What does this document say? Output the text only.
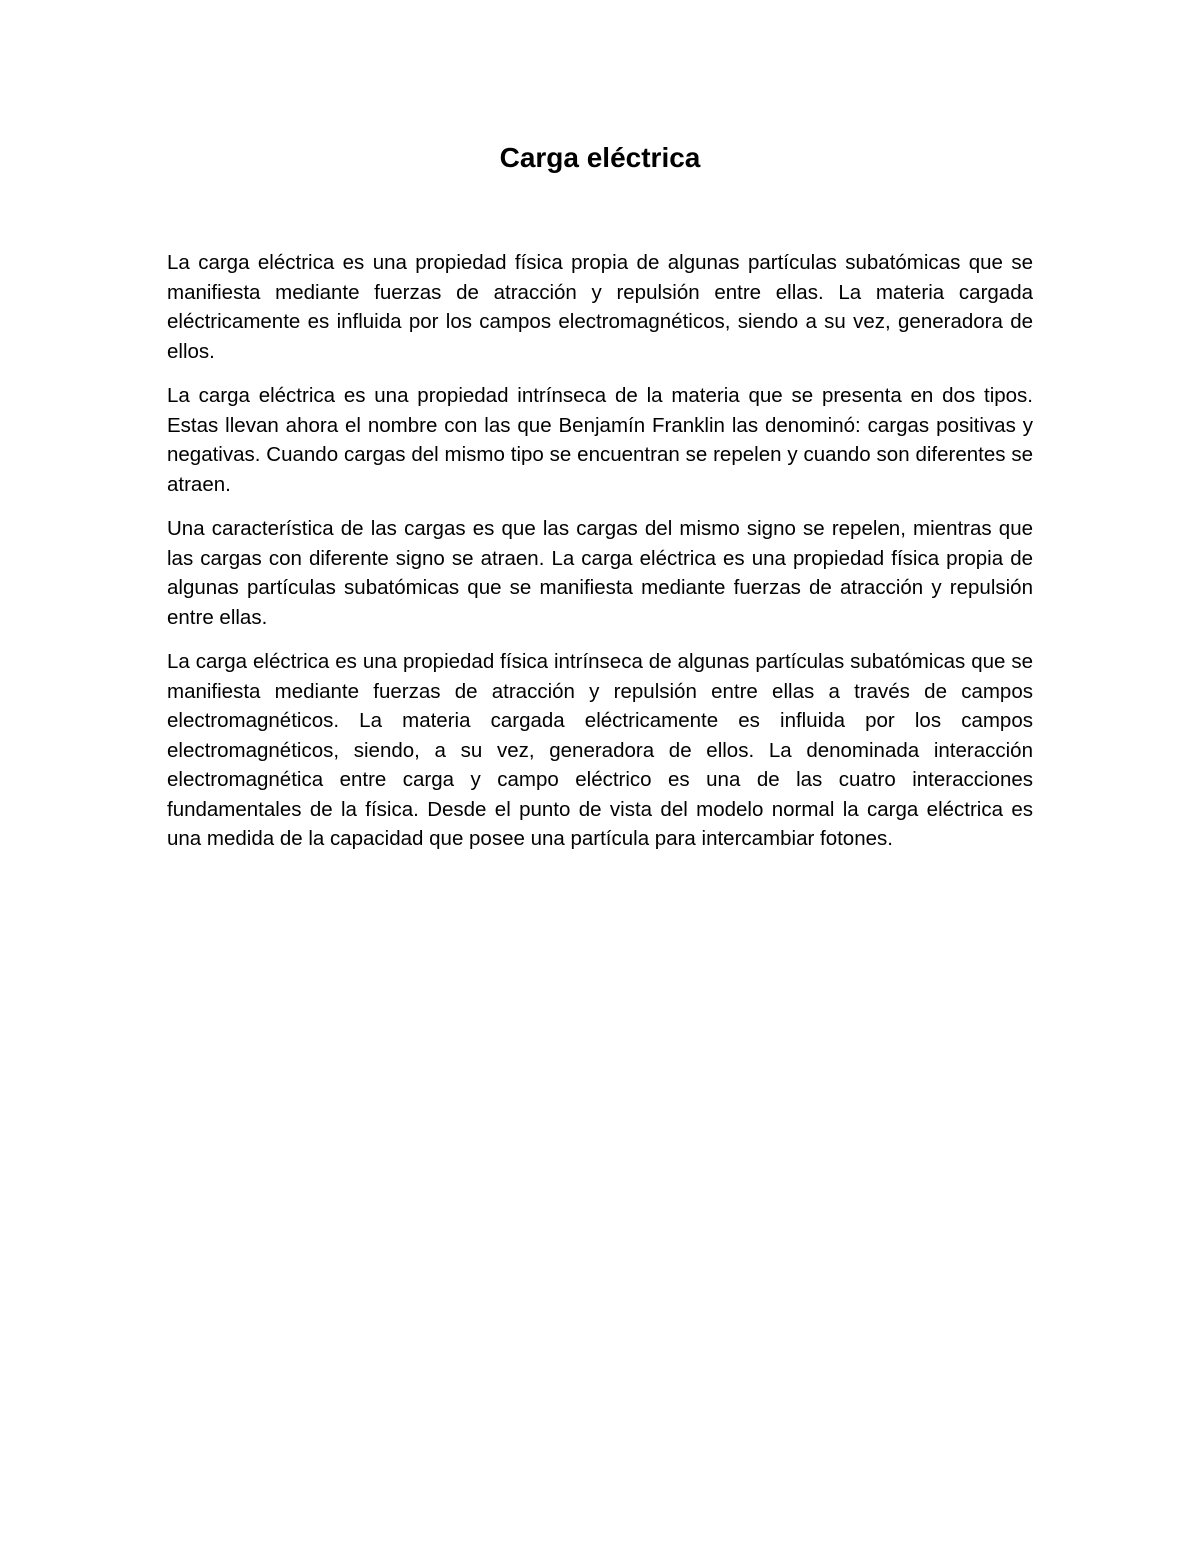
Carga eléctrica

La carga eléctrica es una propiedad física propia de algunas partículas subatómicas que se manifiesta mediante fuerzas de atracción y repulsión entre ellas. La materia cargada eléctricamente es influida por los campos electromagnéticos, siendo a su vez, generadora de ellos.

La carga eléctrica es una propiedad intrínseca de la materia que se presenta en dos tipos. Estas llevan ahora el nombre con las que Benjamín Franklin las denominó: cargas positivas y negativas. Cuando cargas del mismo tipo se encuentran se repelen y cuando son diferentes se atraen.

Una característica de las cargas es que las cargas del mismo signo se repelen, mientras que las cargas con diferente signo se atraen. La carga eléctrica es una propiedad física propia de algunas partículas subatómicas que se manifiesta mediante fuerzas de atracción y repulsión entre ellas.

La carga eléctrica es una propiedad física intrínseca de algunas partículas subatómicas que se manifiesta mediante fuerzas de atracción y repulsión entre ellas a través de campos electromagnéticos. La materia cargada eléctricamente es influida por los campos electromagnéticos, siendo, a su vez, generadora de ellos. La denominada interacción electromagnética entre carga y campo eléctrico es una de las cuatro interacciones fundamentales de la física. Desde el punto de vista del modelo normal la carga eléctrica es una medida de la capacidad que posee una partícula para intercambiar fotones.
